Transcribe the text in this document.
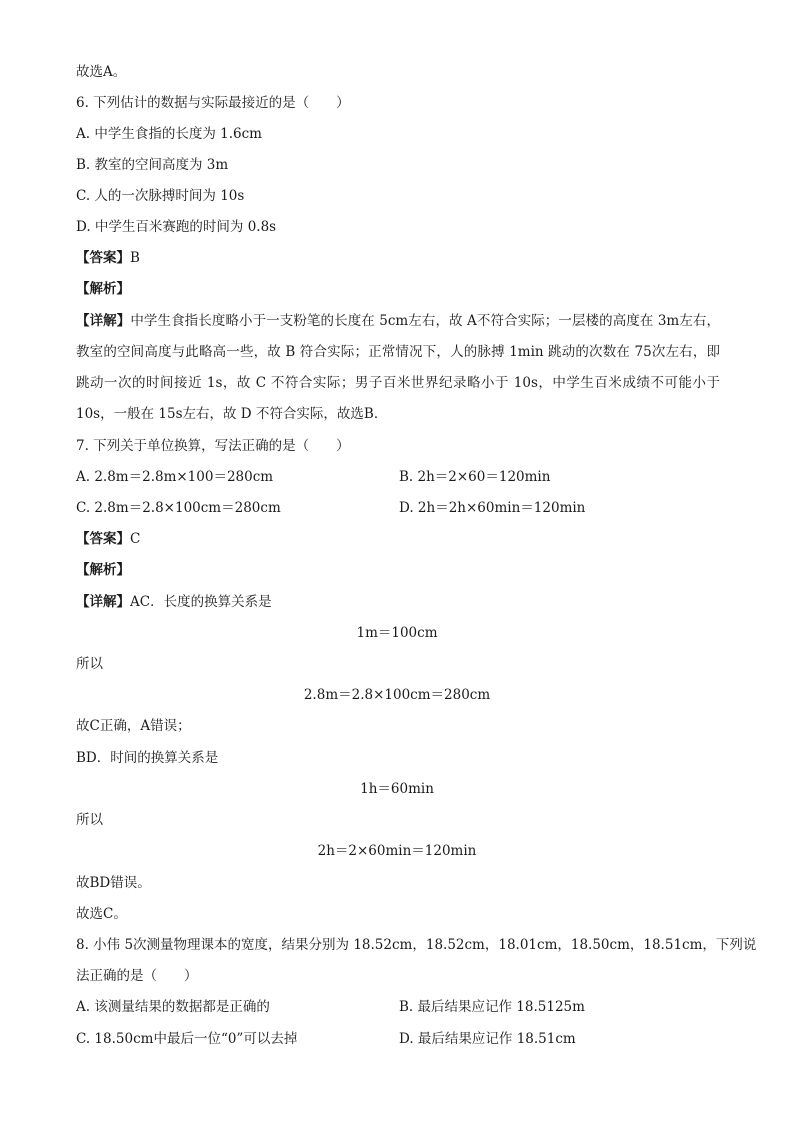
故选A。
6. 下列估计的数据与实际最接近的是（　　）
A. 中学生食指的长度为 1.6cm
B. 教室的空间高度为 3m
C. 人的一次脉搏时间为 10s
D. 中学生百米赛跑的时间为 0.8s
【答案】B
【解析】
【详解】中学生食指长度略小于一支粉笔的长度在 5cm左右，故 A不符合实际；一层楼的高度在 3m左右，教室的空间高度与此略高一些，故 B 符合实际；正常情况下，人的脉搏 1min 跳动的次数在 75次左右，即跳动一次的时间接近 1s，故 C 不符合实际；男子百米世界纪录略小于 10s，中学生百米成绩不可能小于 10s，一般在 15s左右，故 D 不符合实际，故选B．
7. 下列关于单位换算，写法正确的是（　　）
A. 2.8m＝2.8m×100＝280cm	B. 2h＝2×60＝120min
C. 2.8m＝2.8×100cm＝280cm	D. 2h＝2h×60min＝120min
【答案】C
【解析】
【详解】AC．长度的换算关系是
1m＝100cm
所以
2.8m＝2.8×100cm＝280cm
故C正确，A错误；
BD．时间的换算关系是
1h＝60min
所以
2h＝2×60min＝120min
故BD错误。
故选C。
8. 小伟 5次测量物理课本的宽度，结果分别为 18.52cm，18.52cm，18.01cm，18.50cm，18.51cm，下列说
法正确的是（　　）
A. 该测量结果的数据都是正确的	B. 最后结果应记作 18.5125m
C. 18.50cm中最后一位“0”可以去掉	D. 最后结果应记作 18.51cm
